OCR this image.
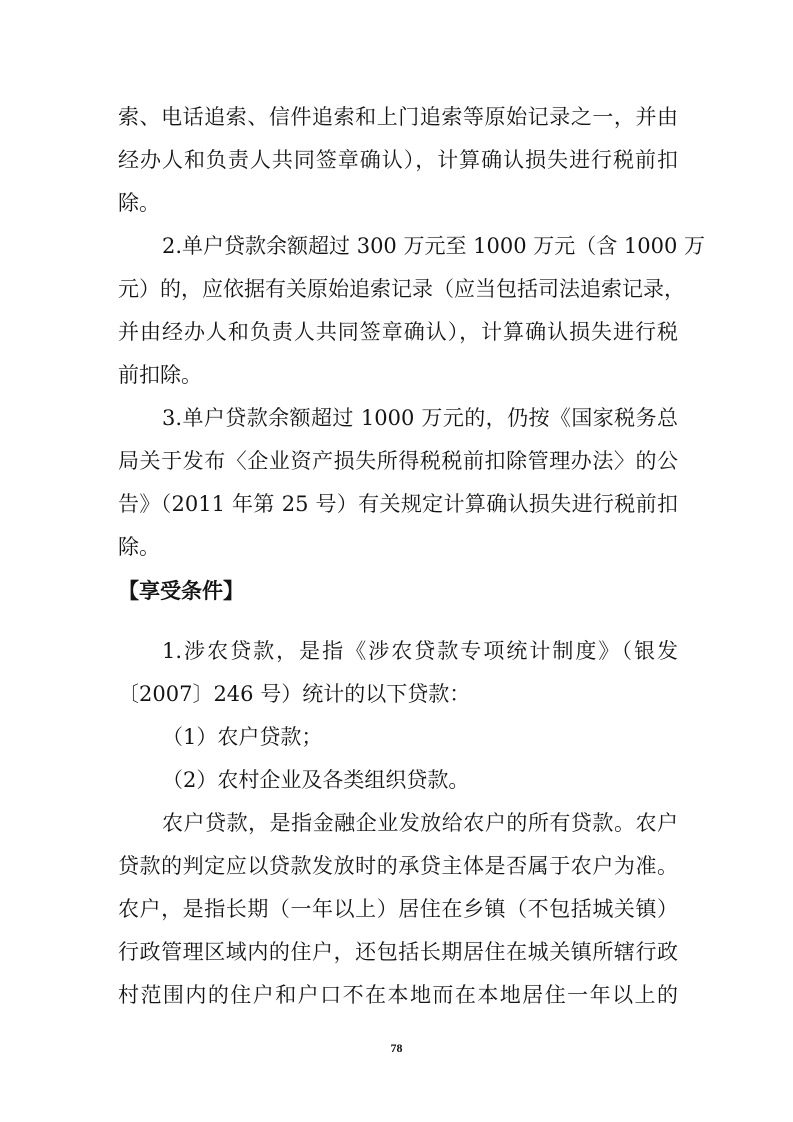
索、电话追索、信件追索和上门追索等原始记录之一，并由
经办人和负责人共同签章确认），计算确认损失进行税前扣
除。
2.单户贷款余额超过 300 万元至 1000 万元（含 1000 万
元）的，应依据有关原始追索记录（应当包括司法追索记录，
并由经办人和负责人共同签章确认），计算确认损失进行税
前扣除。
3.单户贷款余额超过 1000 万元的，仍按《国家税务总
局关于发布〈企业资产损失所得税税前扣除管理办法〉的公
告》（2011 年第 25 号）有关规定计算确认损失进行税前扣
除。
【享受条件】
1.涉农贷款，是指《涉农贷款专项统计制度》（银发
〔2007〕246 号）统计的以下贷款：
（1）农户贷款；
（2）农村企业及各类组织贷款。
农户贷款，是指金融企业发放给农户的所有贷款。农户
贷款的判定应以贷款发放时的承贷主体是否属于农户为准。
农户，是指长期（一年以上）居住在乡镇（不包括城关镇）
行政管理区域内的住户，还包括长期居住在城关镇所辖行政
村范围内的住户和户口不在本地而在本地居住一年以上的
78
